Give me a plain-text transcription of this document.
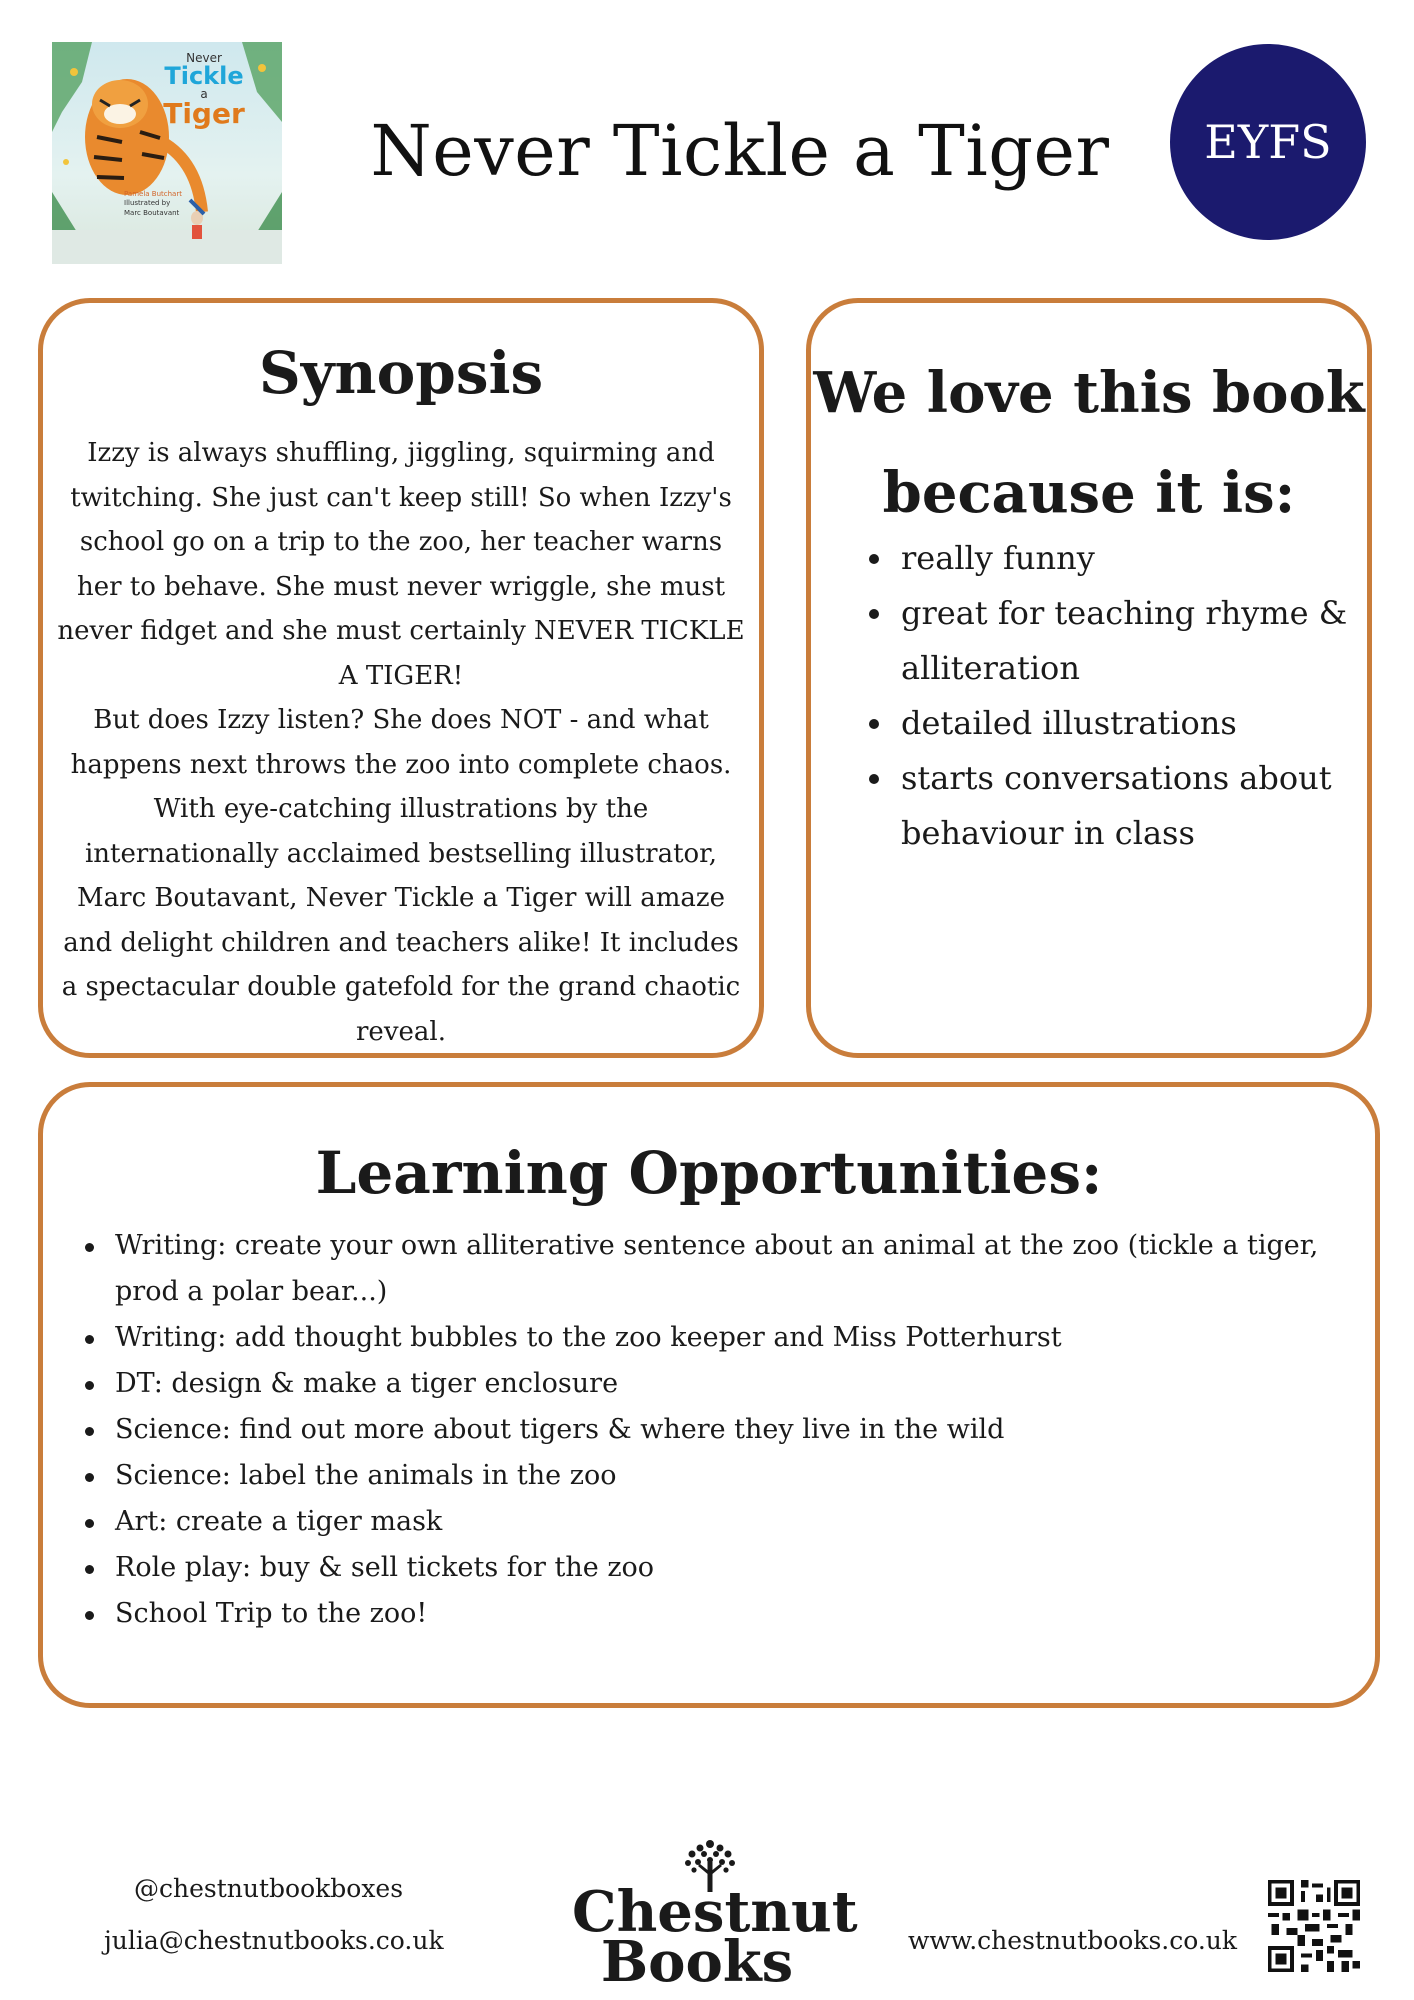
Never
Tickle
a
Tiger
Pamela Butchart
Illustrated by
Marc Boutavant
Never Tickle a Tiger	EYFS
Synopsis

Izzy is always shuffling, jiggling, squirming and twitching. She just can't keep still! So when Izzy's school go on a trip to the zoo, her teacher warns her to behave. She must never wriggle, she must never fidget and she must certainly NEVER TICKLE A TIGER!
But does Izzy listen? She does NOT - and what happens next throws the zoo into complete chaos. With eye-catching illustrations by the internationally acclaimed bestselling illustrator, Marc Boutavant, Never Tickle a Tiger will amaze and delight children and teachers alike! It includes a spectacular double gatefold for the grand chaotic reveal.

We love this book because it is:
really funny
great for teaching rhyme & alliteration
detailed illustrations
starts conversations about behaviour in class
Learning Opportunities:
Writing: create your own alliterative sentence about an animal at the zoo (tickle a tiger, prod a polar bear...)
Writing: add thought bubbles to the zoo keeper and Miss Potterhurst
DT: design & make a tiger enclosure
Science: find out more about tigers & where they live in the wild
Science: label the animals in the zoo
Art: create a tiger mask
Role play: buy & sell tickets for the zoo
School Trip to the zoo!
@chestnutbookboxes
julia@chestnutbooks.co.uk	www.chestnutbooks.co.uk
Chestnut
Books
